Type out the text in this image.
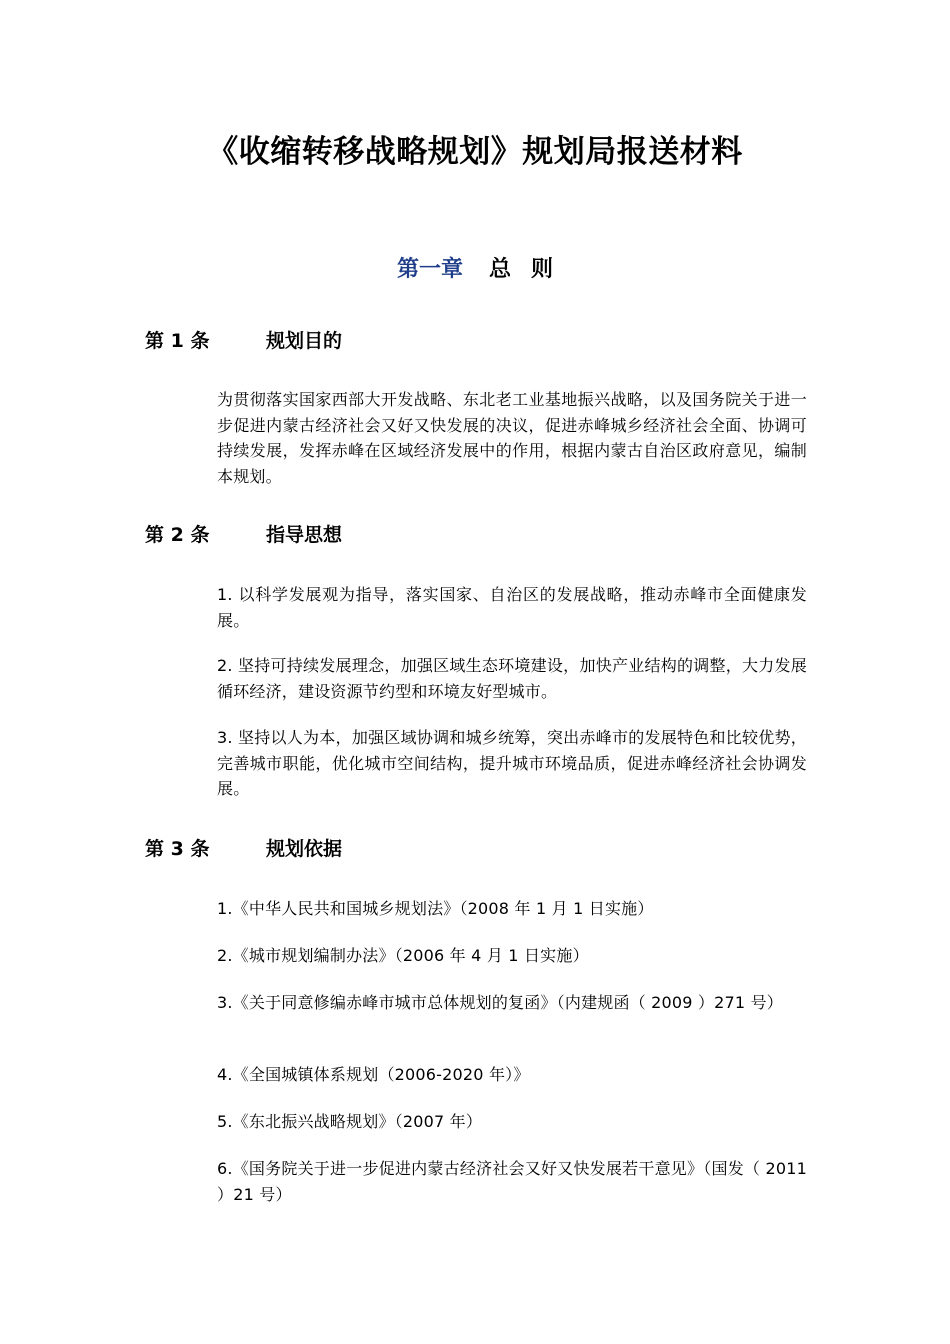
《收缩转移战略规划》规划局报送材料
第一章 总则
第 1 条	规划目的
为贯彻落实国家西部大开发战略、东北老工业基地振兴战略，以及国务院关于进一步促进内蒙古经济社会又好又快发展的决议，促进赤峰城乡经济社会全面、协调可持续发展，发挥赤峰在区域经济发展中的作用，根据内蒙古自治区政府意见，编制本规划。
第 2 条	指导思想
1. 以科学发展观为指导，落实国家、自治区的发展战略，推动赤峰市全面健康发展。
2. 坚持可持续发展理念，加强区域生态环境建设，加快产业结构的调整，大力发展循环经济，建设资源节约型和环境友好型城市。
3. 坚持以人为本，加强区域协调和城乡统筹，突出赤峰市的发展特色和比较优势，完善城市职能，优化城市空间结构，提升城市环境品质，促进赤峰经济社会协调发展。
第 3 条	规划依据
1.《中华人民共和国城乡规划法》（2008 年 1 月 1 日实施）
2.《城市规划编制办法》（2006 年 4 月 1 日实施）
3.《关于同意修编赤峰市城市总体规划的复函》（内建规函（ 2009 ）271 号）
4.《全国城镇体系规划（2006-2020 年）》
5.《东北振兴战略规划》（2007 年）
6.《国务院关于进一步促进内蒙古经济社会又好又快发展若干意见》（国发（ 2011 ）21 号）
